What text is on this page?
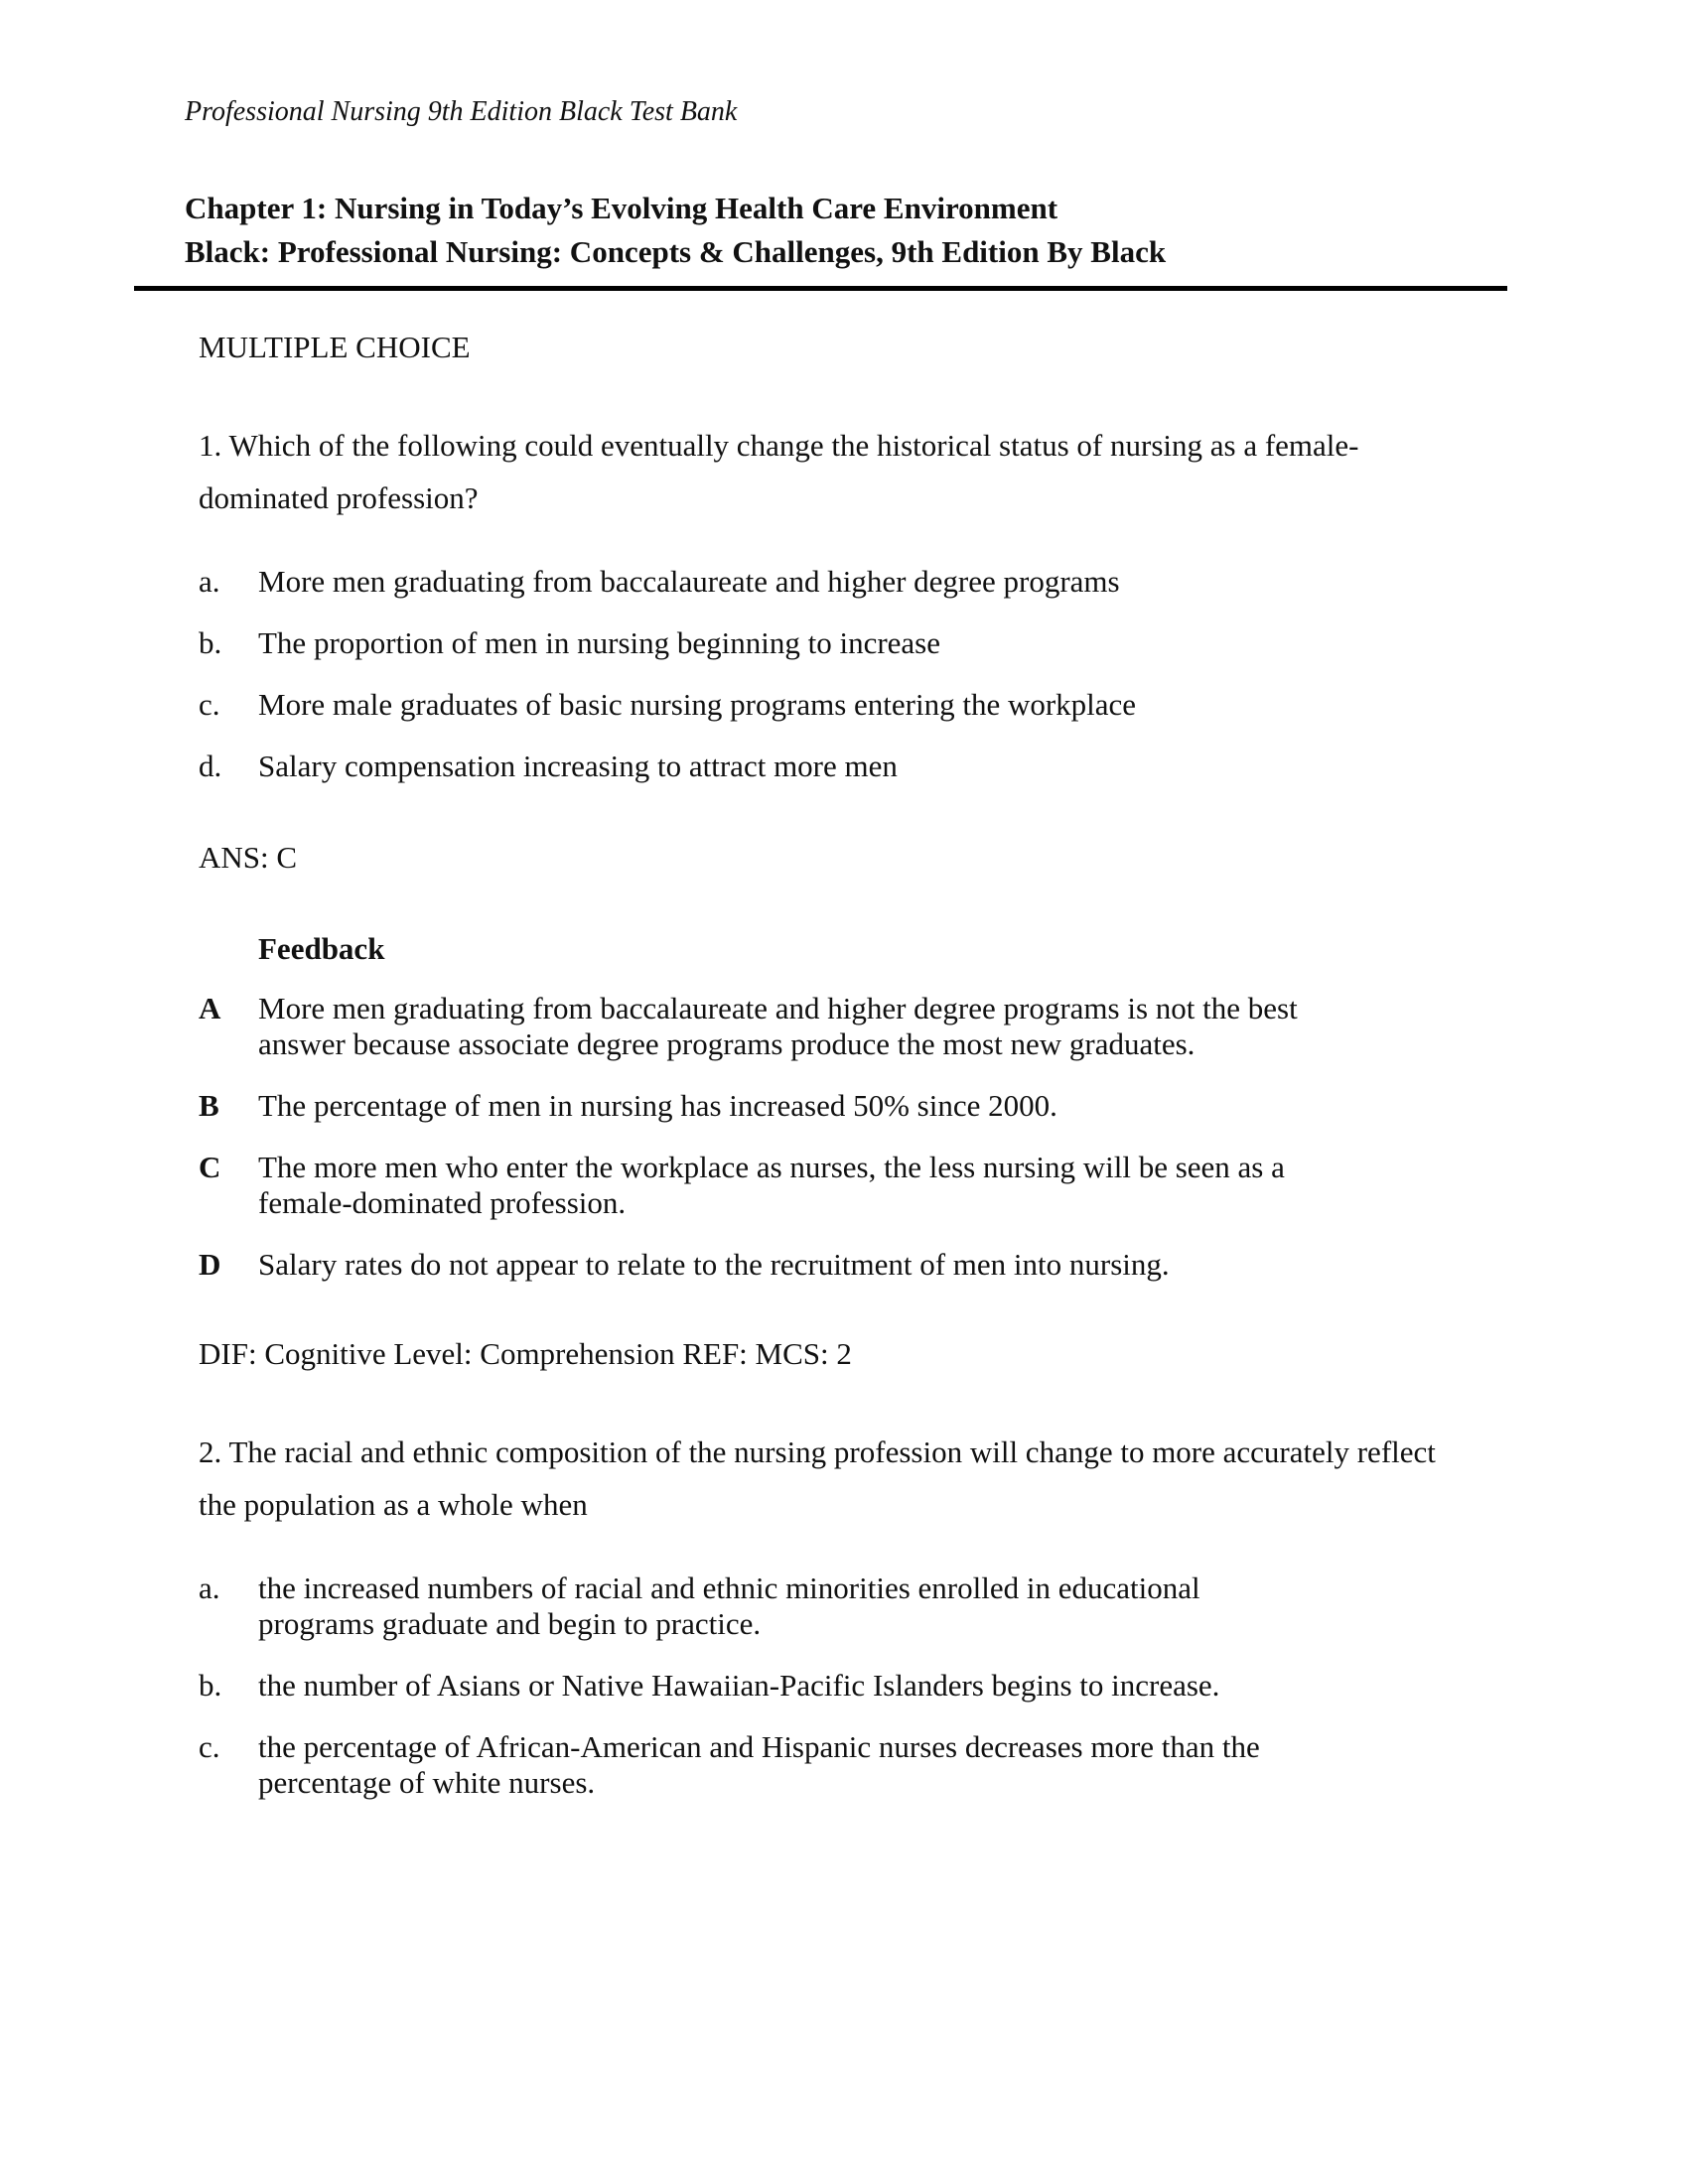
Professional Nursing 9th Edition Black Test Bank
Chapter 1: Nursing in Today’s Evolving Health Care Environment
Black: Professional Nursing: Concepts & Challenges, 9th Edition By Black
MULTIPLE CHOICE
1. Which of the following could eventually change the historical status of nursing as a female-dominated profession?
a.	More men graduating from baccalaureate and higher degree programs
b.	The proportion of men in nursing beginning to increase
c.	More male graduates of basic nursing programs entering the workplace
d.	Salary compensation increasing to attract more men
ANS: C
Feedback
A	More men graduating from baccalaureate and higher degree programs is not the best answer because associate degree programs produce the most new graduates.
B	The percentage of men in nursing has increased 50% since 2000.
C	The more men who enter the workplace as nurses, the less nursing will be seen as a female-dominated profession.
D	Salary rates do not appear to relate to the recruitment of men into nursing.
DIF: Cognitive Level: Comprehension REF: MCS: 2
2. The racial and ethnic composition of the nursing profession will change to more accurately reflect the population as a whole when
a.	the increased numbers of racial and ethnic minorities enrolled in educational programs graduate and begin to practice.
b.	the number of Asians or Native Hawaiian-Pacific Islanders begins to increase.
c.	the percentage of African-American and Hispanic nurses decreases more than the percentage of white nurses.
